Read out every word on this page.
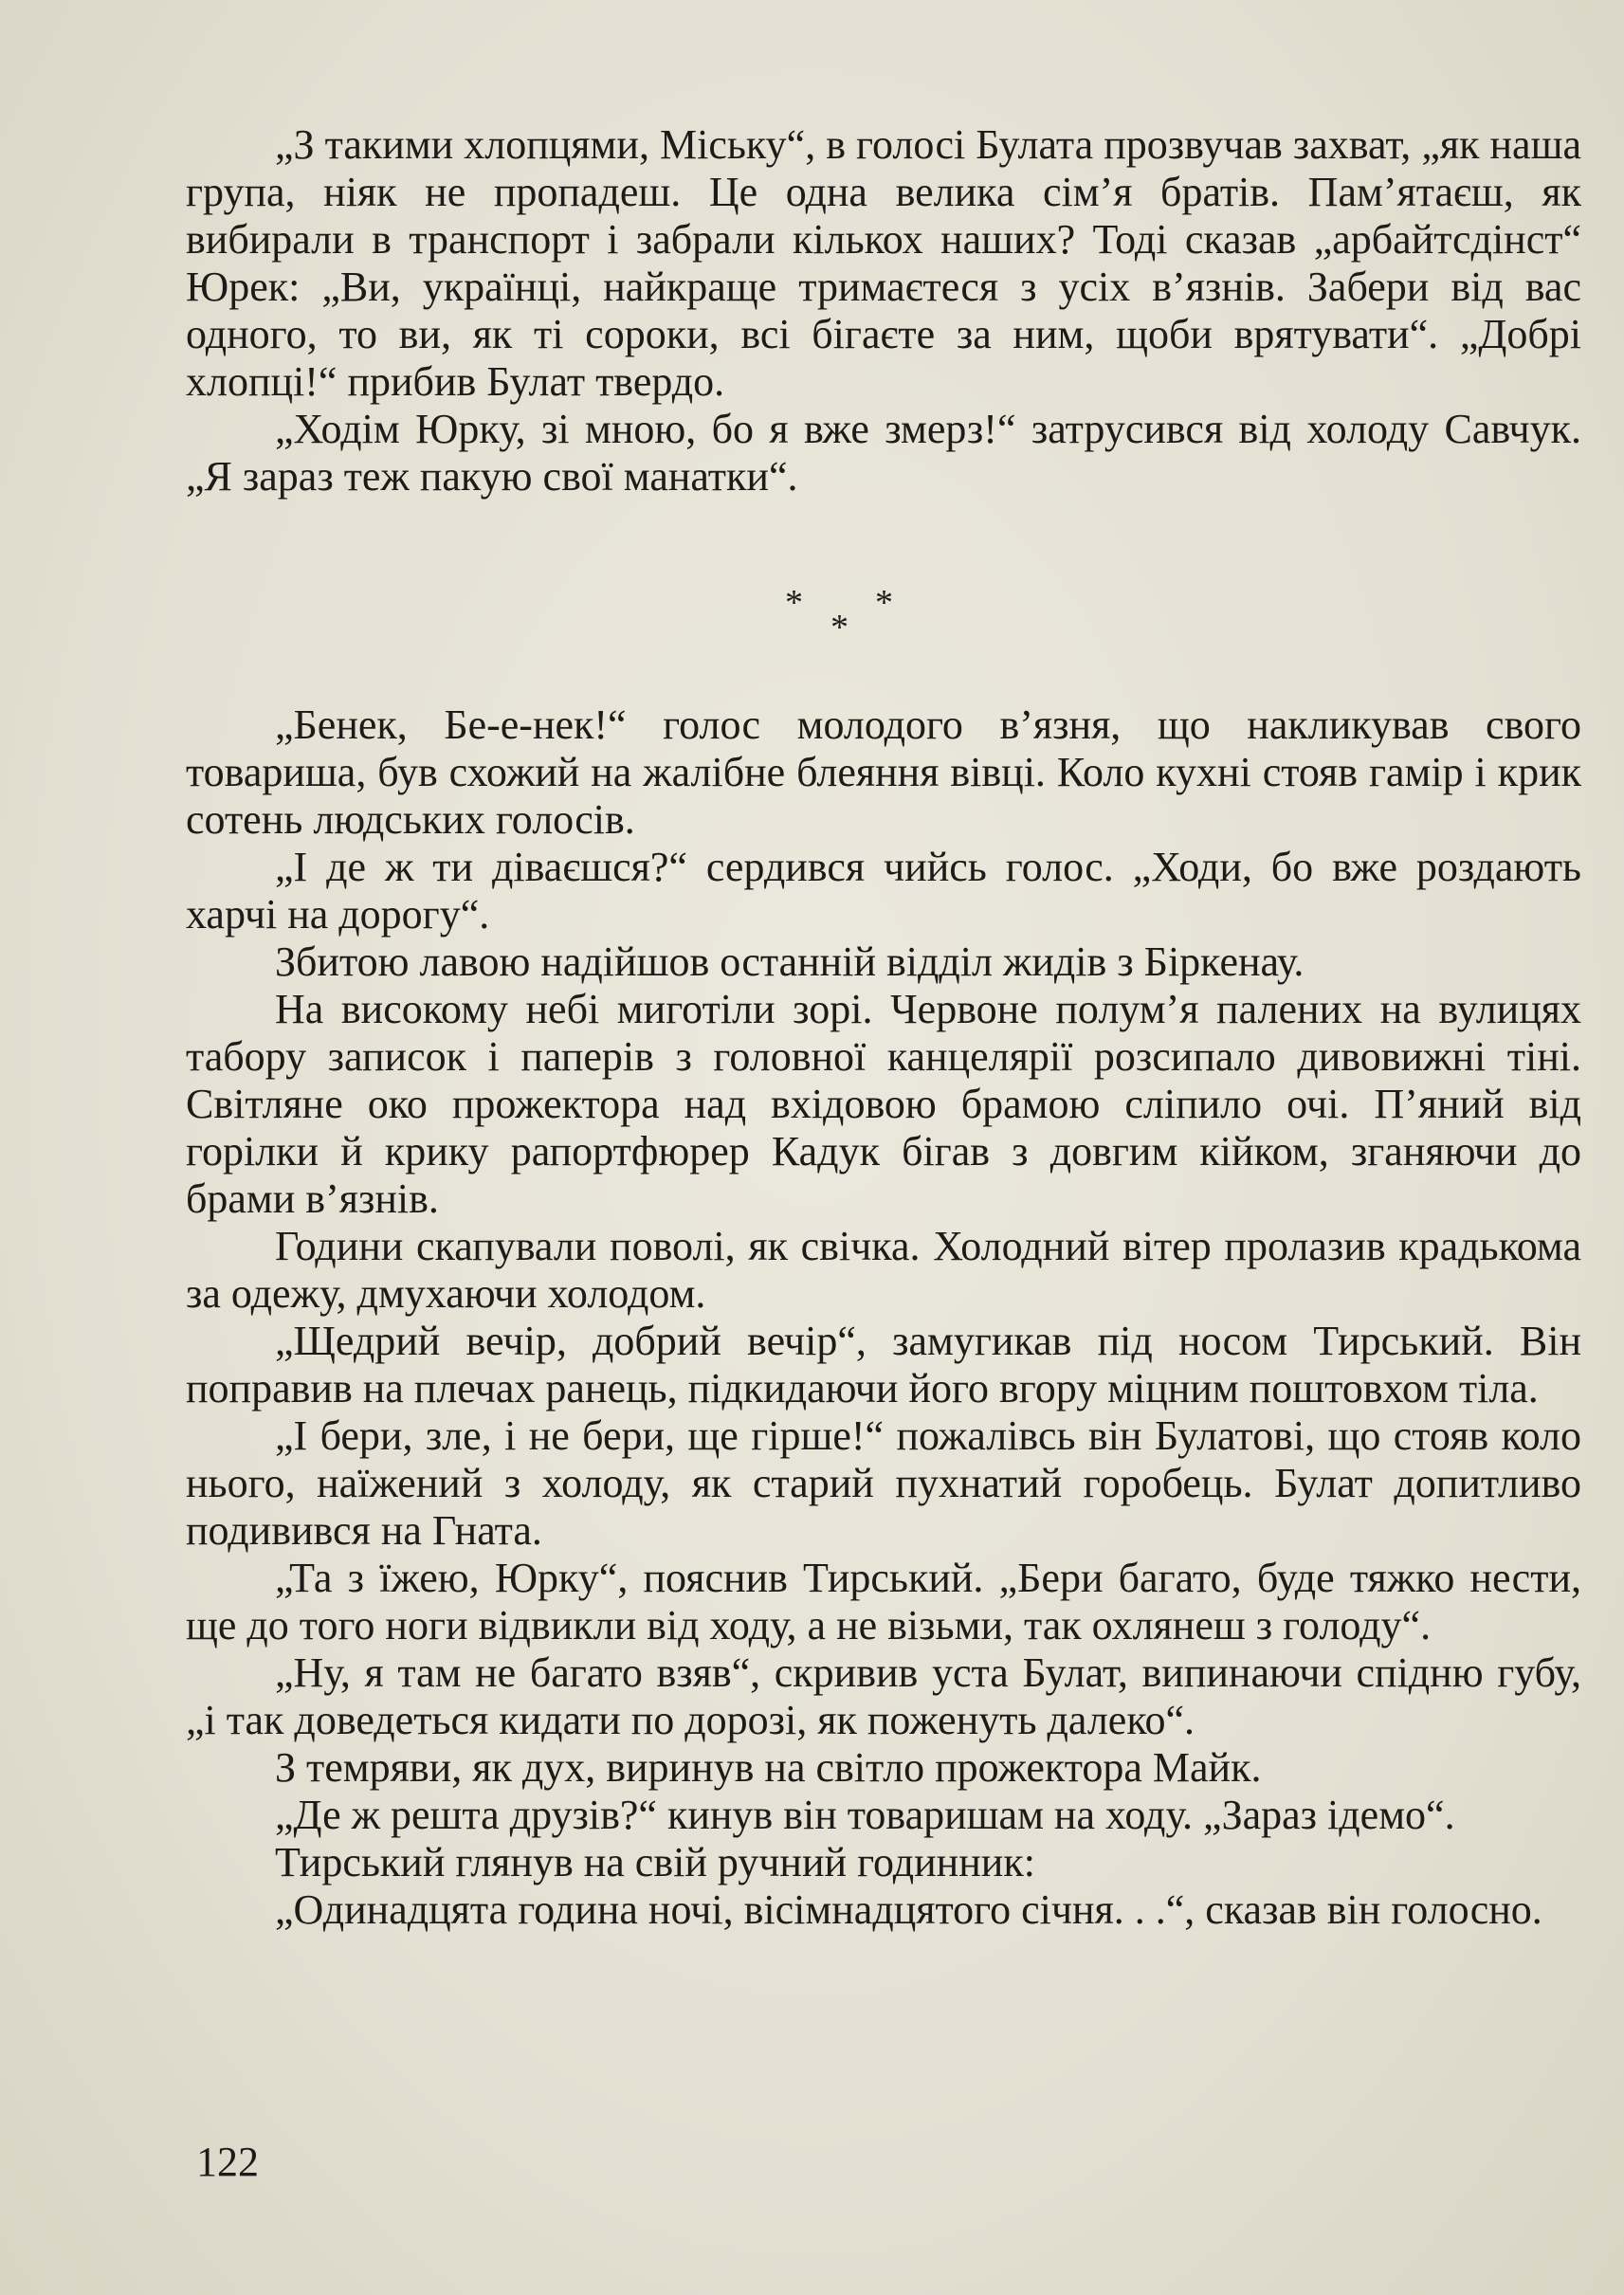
„З такими хлопцями, Міську“, в голосі Булата прозвучав захват, „як наша група, ніяк не пропадеш. Це одна велика сім’я братів. Пам’ятаєш, як вибирали в транспорт і забрали кількох наших? Тоді сказав „арбайтсдінст“ Юрек: „Ви, українці, найкраще тримаєтеся з усіх в’язнів. Забери від вас одного, то ви, як ті сороки, всі бігаєте за ним, щоби врятувати“. „Добрі хлопці!“ прибив Булат твердо.

„Ходім Юрку, зі мною, бо я вже змерз!“ затрусився від холоду Савчук. „Я зараз теж пакую свої манатки“.

* *
*

„Бенек, Бе-е-нек!“ голос молодого в’язня, що накликував свого товариша, був схожий на жалібне блеяння вівці. Коло кухні стояв гамір і крик сотень людських голосів.

„І де ж ти діваєшся?“ сердився чийсь голос. „Ходи, бо вже роздають харчі на дорогу“.

Збитою лавою надійшов останній відділ жидів з Біркенау.

На високому небі миготіли зорі. Червоне полум’я палених на вулицях табору записок і паперів з головної канцелярії розсипало дивовижні тіні. Світляне око прожектора над вхідовою брамою сліпило очі. П’яний від горілки й крику рапортфюрер Кадук бігав з довгим кійком, зганяючи до брами в’язнів.

Години скапували поволі, як свічка. Холодний вітер пролазив крадькома за одежу, дмухаючи холодом.

„Щедрий вечір, добрий вечір“, замугикав під носом Тирський. Він поправив на плечах ранець, підкидаючи його вгору міцним поштовхом тіла.

„І бери, зле, і не бери, ще гірше!“ пожалівсь він Булатові, що стояв коло нього, наїжений з холоду, як старий пухнатий горобець. Булат допитливо подивився на Гната.

„Та з їжею, Юрку“, пояснив Тирський. „Бери багато, буде тяжко нести, ще до того ноги відвикли від ходу, а не візьми, так охлянеш з голоду“.

„Ну, я там не багато взяв“, скривив уста Булат, випинаючи спідню губу, „і так доведеться кидати по дорозі, як поженуть далеко“.

З темряви, як дух, виринув на світло прожектора Майк.

„Де ж решта друзів?“ кинув він товаришам на ходу. „Зараз ідемо“.

Тирський глянув на свій ручний годинник:

„Одинадцята година ночі, вісімнадцятого січня. . .“, сказав він голосно.

122
